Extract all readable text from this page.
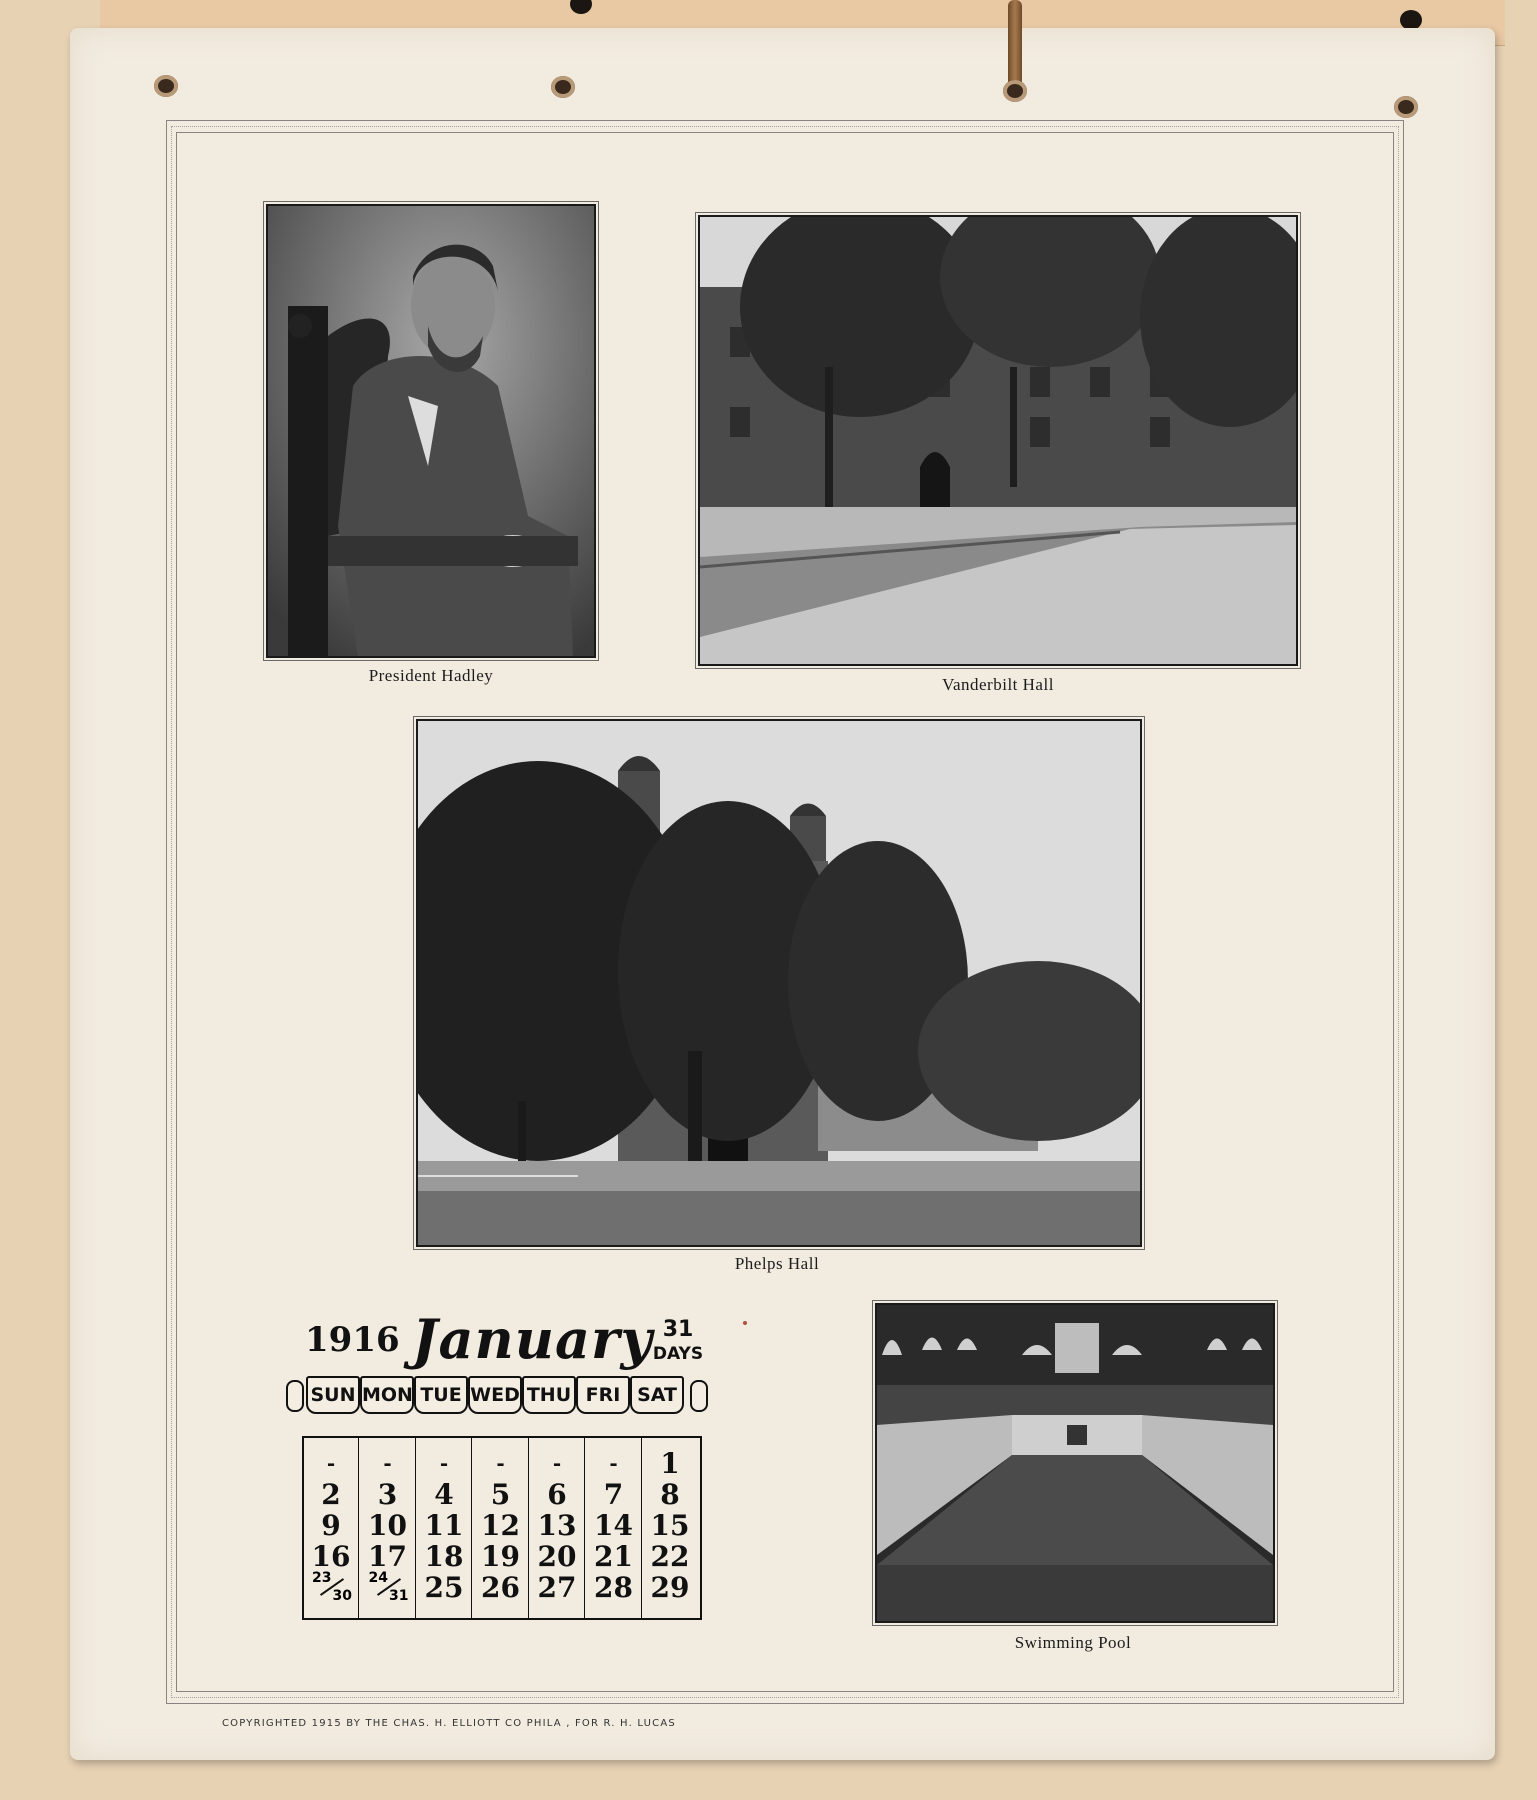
President Hadley	Vanderbilt Hall
Phelps Hall
Swimming Pool
1916 January 31
DAYS
SUN MON TUE WED THU FRI SAT
-
2
9
16
23
30
-
3
10
17
24
31
-
4
11
18
25
-
5
12
19
26
-
6
13
20
27
-
7
14
21
28
1
8
15
22
29
COPYRIGHTED 1915 BY THE CHAS. H. ELLIOTT CO PHILA , FOR R. H. LUCAS
